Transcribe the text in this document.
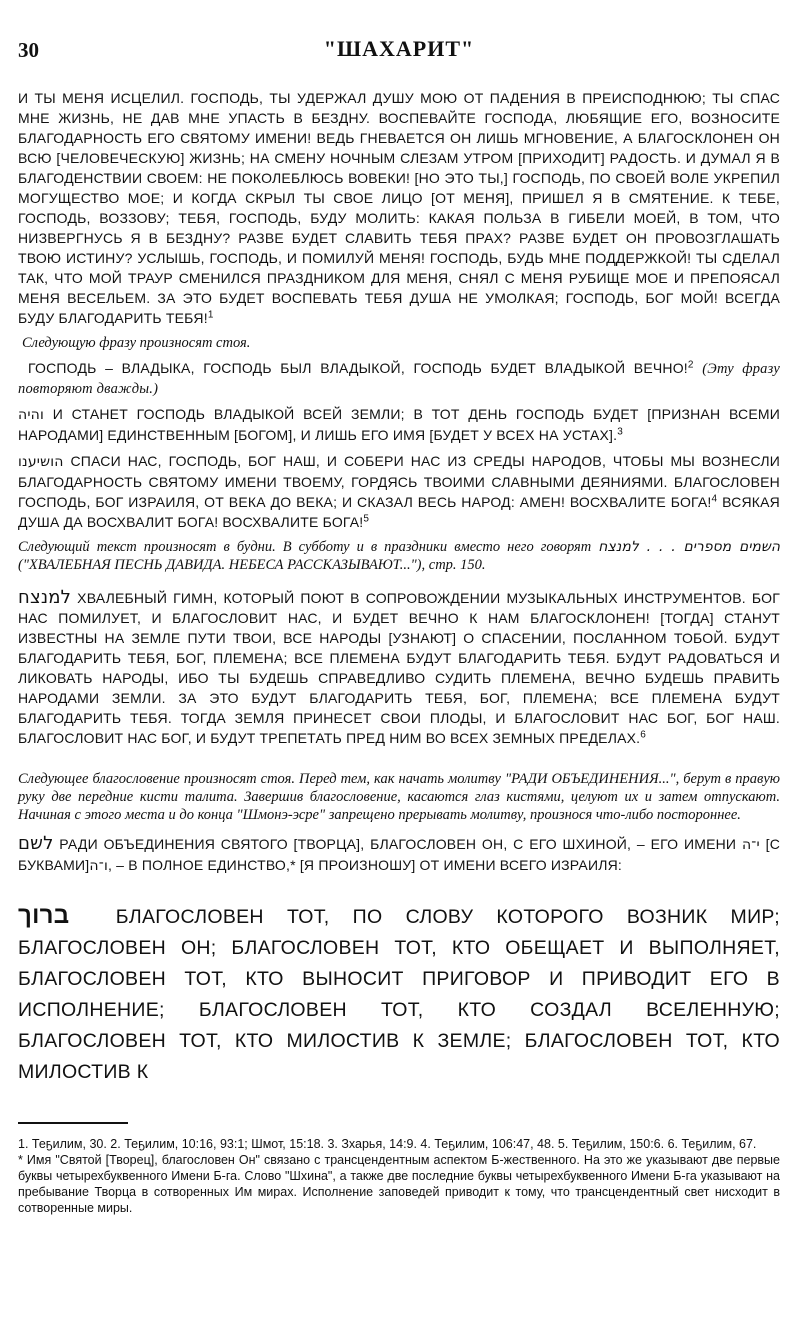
30	"ШАХАРИТ"

И ТЫ МЕНЯ ИСЦЕЛИЛ. ГОСПОДЬ, ТЫ УДЕРЖАЛ ДУШУ МОЮ ОТ ПАДЕНИЯ В ПРЕИСПОДНЮЮ; ТЫ СПАС МНЕ ЖИЗНЬ, НЕ ДАВ МНЕ УПАСТЬ В БЕЗДНУ. ВОСПЕВАЙТЕ ГОСПОДА, ЛЮБЯЩИЕ ЕГО, ВОЗНОСИТЕ БЛАГОДАРНОСТЬ ЕГО СВЯТОМУ ИМЕНИ! ВЕДЬ ГНЕВАЕТСЯ ОН ЛИШЬ МГНОВЕНИЕ, А БЛАГОСКЛОНЕН ОН ВСЮ [ЧЕЛОВЕЧЕСКУЮ] ЖИЗНЬ; НА СМЕНУ НОЧНЫМ СЛЕЗАМ УТРОМ [ПРИХОДИТ] РАДОСТЬ. И ДУМАЛ Я В БЛАГОДЕНСТВИИ СВОЕМ: НЕ ПОКОЛЕБЛЮСЬ ВОВЕКИ! [НО ЭТО ТЫ,] ГОСПОДЬ, ПО СВОЕЙ ВОЛЕ УКРЕПИЛ МОГУЩЕСТВО МОЕ; И КОГДА СКРЫЛ ТЫ СВОЕ ЛИЦО [ОТ МЕНЯ], ПРИШЕЛ Я В СМЯТЕНИЕ. К ТЕБЕ, ГОСПОДЬ, ВОЗЗОВУ; ТЕБЯ, ГОСПОДЬ, БУДУ МОЛИТЬ: КАКАЯ ПОЛЬЗА В ГИБЕЛИ МОЕЙ, В ТОМ, ЧТО НИЗВЕРГНУСЬ Я В БЕЗДНУ? РАЗВЕ БУДЕТ СЛАВИТЬ ТЕБЯ ПРАХ? РАЗВЕ БУДЕТ ОН ПРОВОЗГЛАШАТЬ ТВОЮ ИСТИНУ? УСЛЫШЬ, ГОСПОДЬ, И ПОМИЛУЙ МЕНЯ! ГОСПОДЬ, БУДЬ МНЕ ПОДДЕРЖКОЙ! ТЫ СДЕЛАЛ ТАК, ЧТО МОЙ ТРАУР СМЕНИЛСЯ ПРАЗДНИКОМ ДЛЯ МЕНЯ, СНЯЛ С МЕНЯ РУБИЩЕ МОЕ И ПРЕПОЯСАЛ МЕНЯ ВЕСЕЛЬЕМ. ЗА ЭТО БУДЕТ ВОСПЕВАТЬ ТЕБЯ ДУША НЕ УМОЛКАЯ; ГОСПОДЬ, БОГ МОЙ! ВСЕГДА БУДУ БЛАГОДАРИТЬ ТЕБЯ!$^1$

Следующую фразу произносят стоя.

ГОСПОДЬ – ВЛАДЫКА, ГОСПОДЬ БЫЛ ВЛАДЫКОЙ, ГОСПОДЬ БУДЕТ ВЛАДЫКОЙ ВЕЧНО!$^2$ (Эту фразу повторяют дважды.)

והיה И СТАНЕТ ГОСПОДЬ ВЛАДЫКОЙ ВСЕЙ ЗЕМЛИ; В ТОТ ДЕНЬ ГОСПОДЬ БУДЕТ [ПРИЗНАН ВСЕМИ НАРОДАМИ] ЕДИНСТВЕННЫМ [БОГОМ], И ЛИШЬ ЕГО ИМЯ [БУДЕТ У ВСЕХ НА УСТАХ].$^3$

הושיענו СПАСИ НАС, ГОСПОДЬ, БОГ НАШ, И СОБЕРИ НАС ИЗ СРЕДЫ НАРОДОВ, ЧТОБЫ МЫ ВОЗНЕСЛИ БЛАГОДАРНОСТЬ СВЯТОМУ ИМЕНИ ТВОЕМУ, ГОРДЯСЬ ТВОИМИ СЛАВНЫМИ ДЕЯНИЯМИ. БЛАГОСЛОВЕН ГОСПОДЬ, БОГ ИЗРАИЛЯ, ОТ ВЕКА ДО ВЕКА; И СКАЗАЛ ВЕСЬ НАРОД: АМЕН! ВОСХВАЛИТЕ БОГА!$^4$ ВСЯКАЯ ДУША ДА ВОСХВАЛИТ БОГА! ВОСХВАЛИТЕ БОГА!$^5$

Следующий текст произносят в будни. В субботу и в праздники вместо него говорят השמים מספרים . . . למנצח ("ХВАЛЕБНАЯ ПЕСНЬ ДАВИДА. НЕБЕСА РАССКАЗЫВАЮТ..."), стр. 150.

למנצח ХВАЛЕБНЫЙ ГИМН, КОТОРЫЙ ПОЮТ В СОПРОВОЖДЕНИИ МУЗЫКАЛЬНЫХ ИНСТРУМЕНТОВ. БОГ НАС ПОМИЛУЕТ, И БЛАГОСЛОВИТ НАС, И БУДЕТ ВЕЧНО К НАМ БЛАГОСКЛОНЕН! [ТОГДА] СТАНУТ ИЗВЕСТНЫ НА ЗЕМЛЕ ПУТИ ТВОИ, ВСЕ НАРОДЫ [УЗНАЮТ] О СПАСЕНИИ, ПОСЛАННОМ ТОБОЙ. БУДУТ БЛАГОДАРИТЬ ТЕБЯ, БОГ, ПЛЕМЕНА; ВСЕ ПЛЕМЕНА БУДУТ БЛАГОДАРИТЬ ТЕБЯ. БУДУТ РАДОВАТЬСЯ И ЛИКОВАТЬ НАРОДЫ, ИБО ТЫ БУДЕШЬ СПРАВЕДЛИВО СУДИТЬ ПЛЕМЕНА, ВЕЧНО БУДЕШЬ ПРАВИТЬ НАРОДАМИ ЗЕМЛИ. ЗА ЭТО БУДУТ БЛАГОДАРИТЬ ТЕБЯ, БОГ, ПЛЕМЕНА; ВСЕ ПЛЕМЕНА БУДУТ БЛАГОДАРИТЬ ТЕБЯ. ТОГДА ЗЕМЛЯ ПРИНЕСЕТ СВОИ ПЛОДЫ, И БЛАГОСЛОВИТ НАС БОГ, БОГ НАШ. БЛАГОСЛОВИТ НАС БОГ, И БУДУТ ТРЕПЕТАТЬ ПРЕД НИМ ВО ВСЕХ ЗЕМНЫХ ПРЕДЕЛАХ.$^6$

Следующее благословение произносят стоя. Перед тем, как начать молитву "РАДИ ОБЪЕДИНЕНИЯ...", берут в правую руку две передние кисти талита. Завершив благословение, касаются глаз кистями, целуют их и затем отпускают. Начиная с этого места и до конца "Шмонэ-эсре" запрещено прерывать молитву, произнося что-либо постороннее.

לשם РАДИ ОБЪЕДИНЕНИЯ СВЯТОГО [ТВОРЦА], БЛАГОСЛОВЕН ОН, С ЕГО ШХИНОЙ, – ЕГО ИМЕНИ י־ה [С БУКВАМИ]ו־ה, – В ПОЛНОЕ ЕДИНСТВО,* [Я ПРОИЗНОШУ] ОТ ИМЕНИ ВСЕГО ИЗРАИЛЯ:

ברוך БЛАГОСЛОВЕН ТОТ, ПО СЛОВУ КОТОРОГО ВОЗНИК МИР; БЛАГОСЛОВЕН ОН; БЛАГОСЛОВЕН ТОТ, КТО ОБЕЩАЕТ И ВЫПОЛНЯЕТ, БЛАГОСЛОВЕН ТОТ, КТО ВЫНОСИТ ПРИГОВОР И ПРИВОДИТ ЕГО В ИСПОЛНЕНИЕ; БЛАГОСЛОВЕН ТОТ, КТО СОЗДАЛ ВСЕЛЕННУЮ; БЛАГОСЛОВЕН ТОТ, КТО МИЛОСТИВ К ЗЕМЛЕ; БЛАГОСЛОВЕН ТОТ, КТО МИЛОСТИВ К

1. Теҕилим, 30. 2. Теҕилим, 10:16, 93:1; Шмот, 15:18. 3. Зхарья, 14:9. 4. Теҕилим, 106:47, 48. 5. Теҕилим, 150:6. 6. Теҕилим, 67.

* Имя "Святой [Творец], благословен Он" связано с трансцендентным аспектом Б-жественного. На это же указывают две первые буквы четырехбуквенного Имени Б-га. Слово "Шхина", а также две последние буквы четырехбуквенного Имени Б-га указывают на пребывание Творца в сотворенных Им мирах. Исполнение заповедей приводит к тому, что трансцендентный свет нисходит в сотворенные миры.
